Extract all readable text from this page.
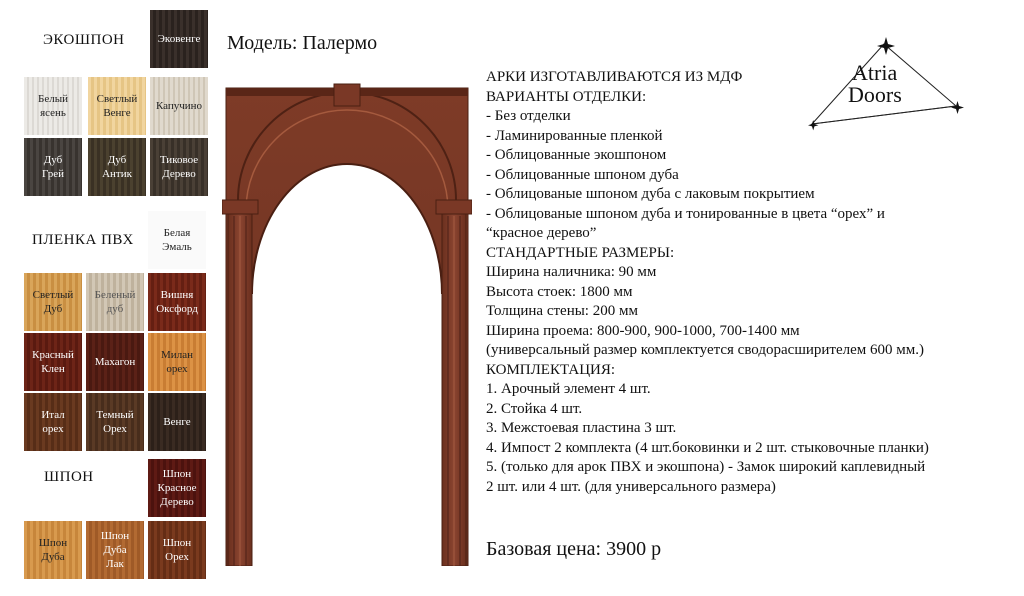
ЭКОШПОН
ПЛЕНКА ПВХ
ШПОН
Эковенге
Белый
ясень
Светлый
Венге
Капучино
Дуб
Грей
Дуб
Антик
Тиковое
Дерево
Белая
Эмаль
Светлый
Дуб
Беленый
дуб
Вишня
Оксфорд
Красный
Клен
Махагон
Милан
орех
Итал
орех
Темный
Орех
Венге
Шпон
Красное
Дерево
Шпон
Дуба
Шпон
Дуба
Лак
Шпон
Орех
Модель: Палермо
Atria
Doors
АРКИ ИЗГОТАВЛИВАЮТСЯ ИЗ МДФ
ВАРИАНТЫ ОТДЕЛКИ:
- Без отделки
- Ламинированные пленкой
- Облицованные экошпоном
- Облицованные шпоном дуба
- Облицованые шпоном дуба с лаковым покрытием
- Облицованые шпоном дуба и тонированные в цвета “орех” и
“красное дерево”
СТАНДАРТНЫЕ РАЗМЕРЫ:
Ширина наличника: 90 мм
Высота стоек: 1800 мм
Толщина стены: 200 мм
Ширина проема: 800-900, 900-1000, 700-1400 мм
(универсальный размер комплектуется сводорасширителем 600 мм.)
КОМПЛЕКТАЦИЯ:
1. Арочный элемент 4 шт.
2. Стойка 4 шт.
3. Межстоевая пластина 3 шт.
4. Импост 2 комплекта (4 шт.боковинки и 2 шт. стыковочные планки)
5. (только для арок ПВХ и экошпона) - Замок широкий каплевидный
2 шт. или 4 шт. (для универсального размера)
Базовая цена: 3900 р
